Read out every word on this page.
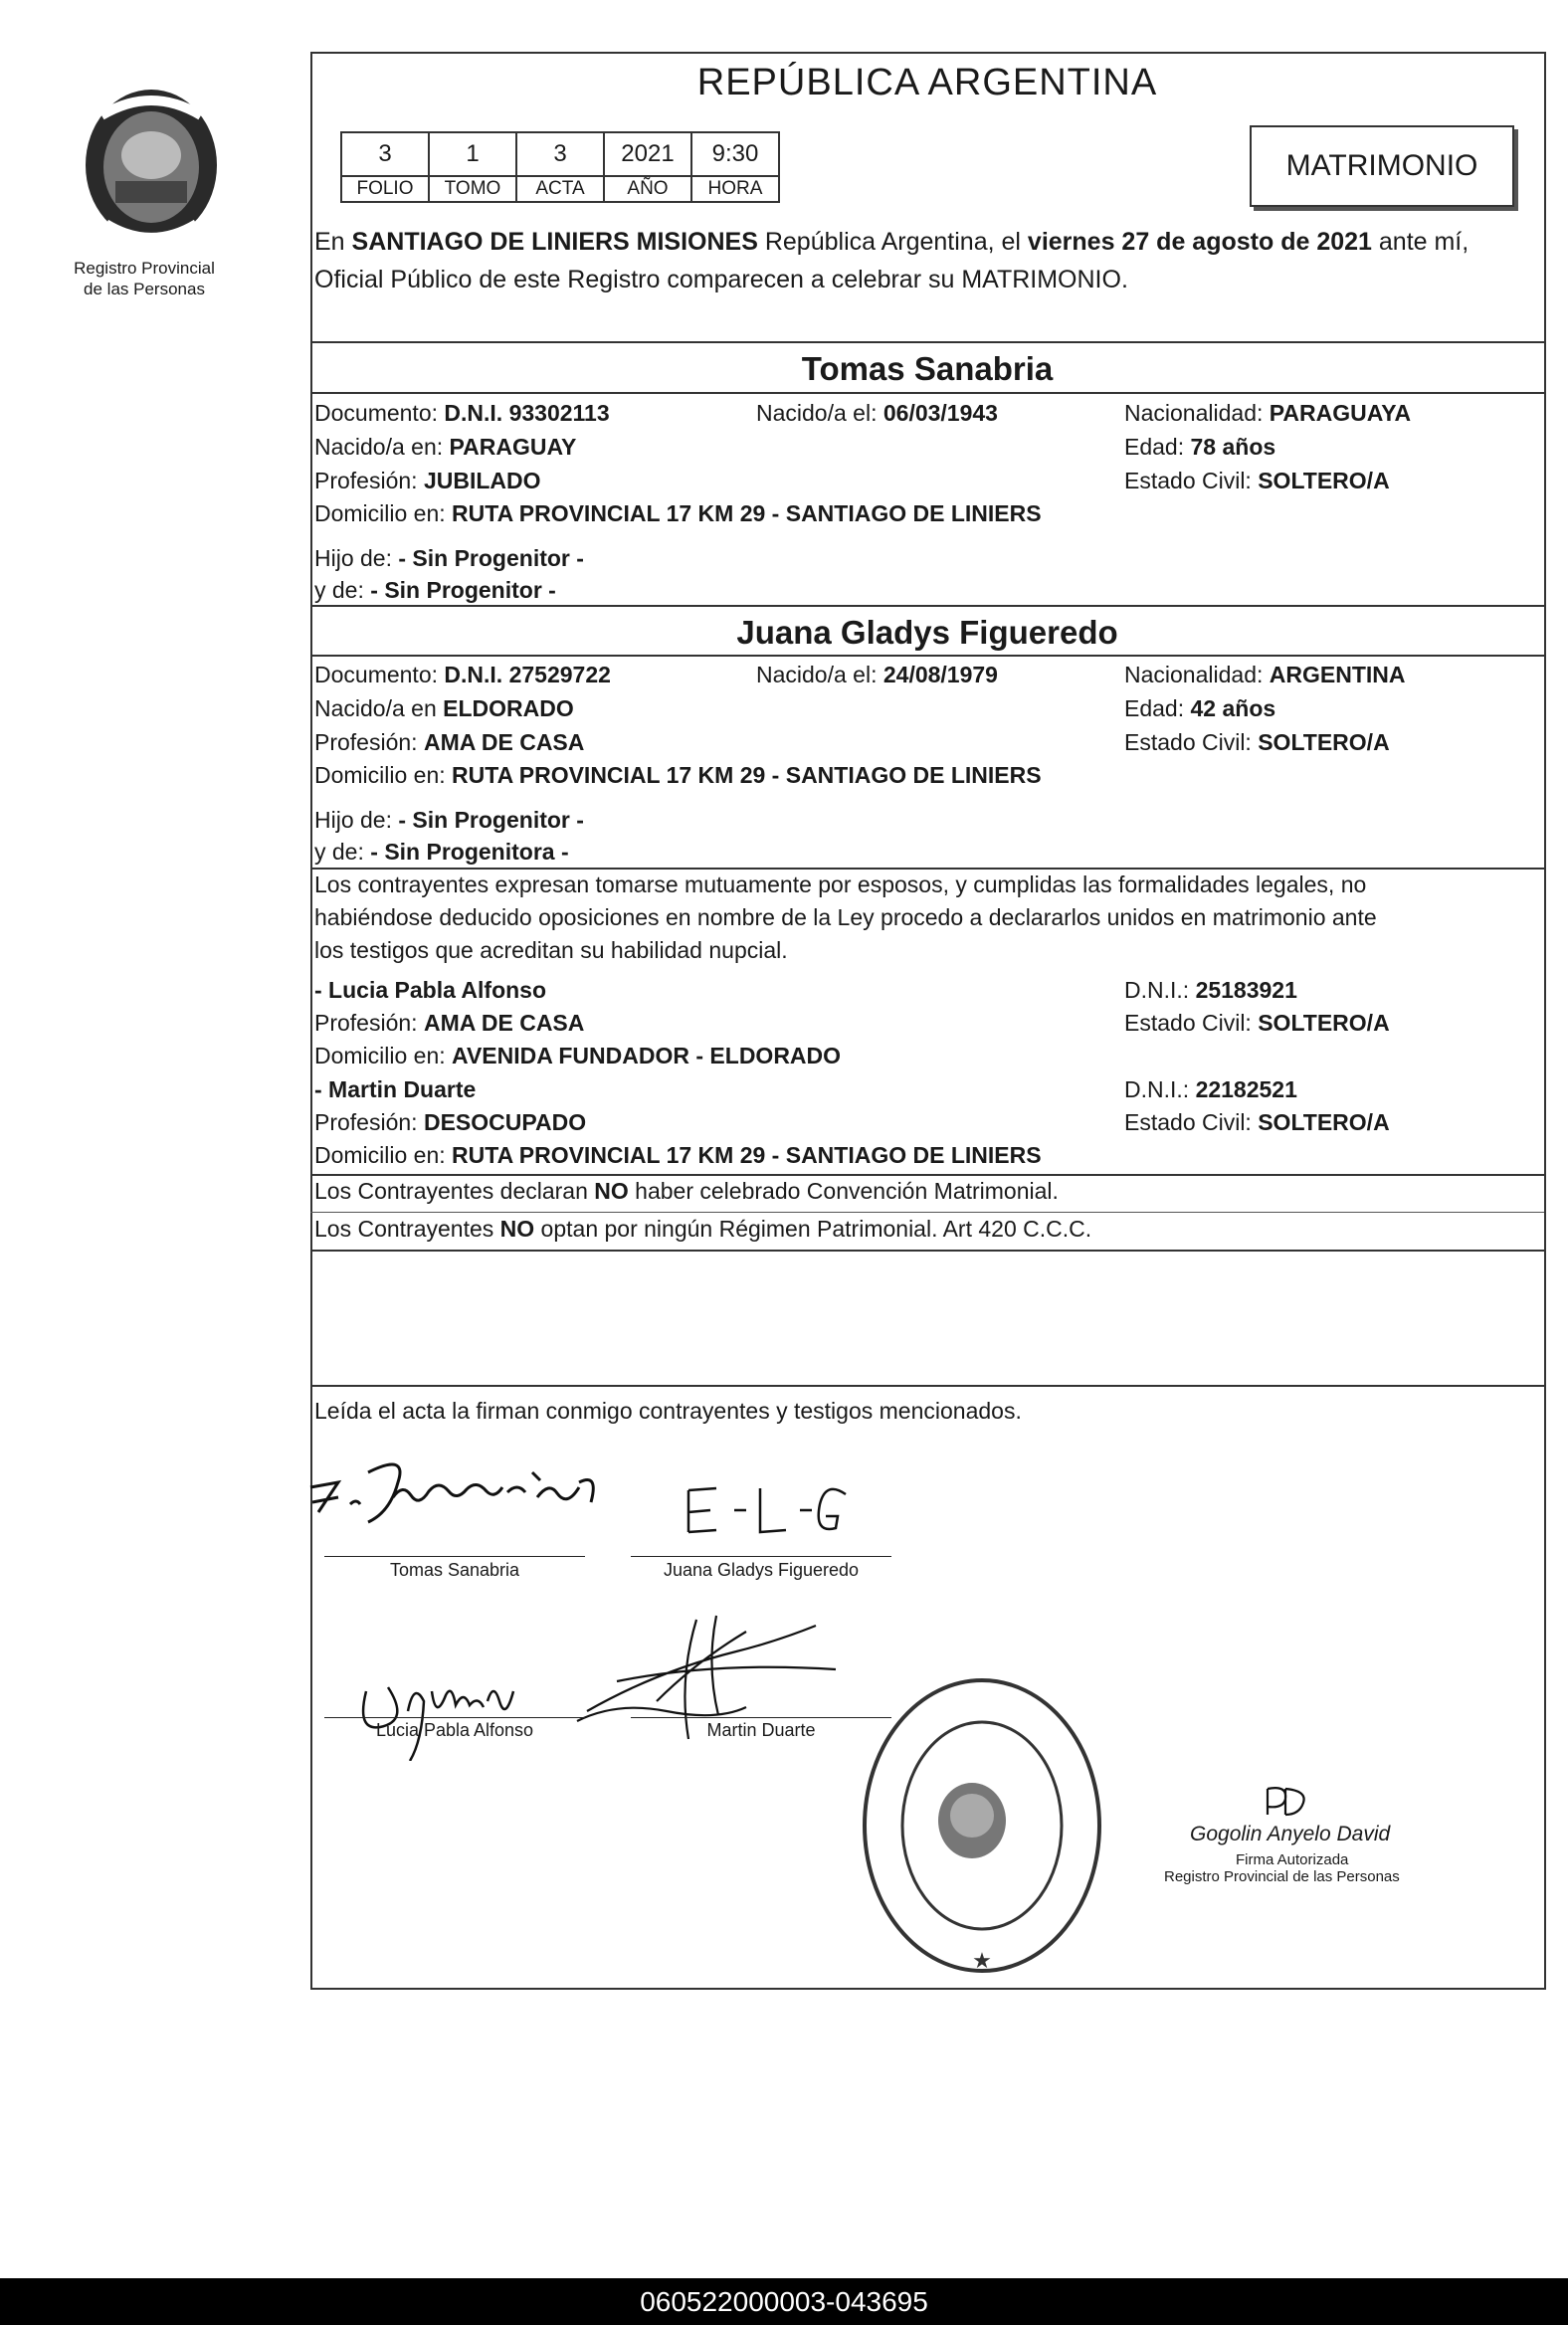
Registro Provincial
de las Personas
REPÚBLICA ARGENTINA
3	1	3	2021	9:30
FOLIO	TOMO	ACTA	AÑO	HORA
MATRIMONIO
En SANTIAGO DE LINIERS MISIONES República Argentina, el viernes 27 de agosto de 2021 ante mí, Oficial Público de este Registro comparecen a celebrar su MATRIMONIO.
Tomas Sanabria
Documento: D.N.I. 93302113	Nacido/a el: 06/03/1943	Nacionalidad: PARAGUAYA
Nacido/a en: PARAGUAY	Edad: 78 años
Profesión: JUBILADO	Estado Civil: SOLTERO/A
Domicilio en: RUTA PROVINCIAL 17 KM 29 - SANTIAGO DE LINIERS
Hijo de: - Sin Progenitor -
y de: - Sin Progenitor -
Juana Gladys Figueredo
Documento: D.N.I. 27529722	Nacido/a el: 24/08/1979	Nacionalidad: ARGENTINA
Nacido/a en ELDORADO	Edad: 42 años
Profesión: AMA DE CASA	Estado Civil: SOLTERO/A
Domicilio en: RUTA PROVINCIAL 17 KM 29 - SANTIAGO DE LINIERS
Hijo de: - Sin Progenitor -
y de: - Sin Progenitora -
Los contrayentes expresan tomarse mutuamente por esposos, y cumplidas las formalidades legales, no
habiéndose deducido oposiciones en nombre de la Ley procedo a declararlos unidos en matrimonio ante
los testigos que acreditan su habilidad nupcial.
- Lucia Pabla Alfonso	D.N.I.: 25183921
Profesión: AMA DE CASA	Estado Civil: SOLTERO/A
Domicilio en: AVENIDA FUNDADOR - ELDORADO
- Martin Duarte	D.N.I.: 22182521
Profesión: DESOCUPADO	Estado Civil: SOLTERO/A
Domicilio en: RUTA PROVINCIAL 17 KM 29 - SANTIAGO DE LINIERS
Los Contrayentes declaran NO haber celebrado Convención Matrimonial.
Los Contrayentes NO optan por ningún Régimen Patrimonial. Art 420 C.C.C.
Leída el acta la firman conmigo contrayentes y testigos mencionados.
Tomas Sanabria	Juana Gladys Figueredo
Lucia Pabla Alfonso	Martin Duarte
★
Gogolin Anyelo David
Firma Autorizada
Registro Provincial de las Personas
060522000003-043695
